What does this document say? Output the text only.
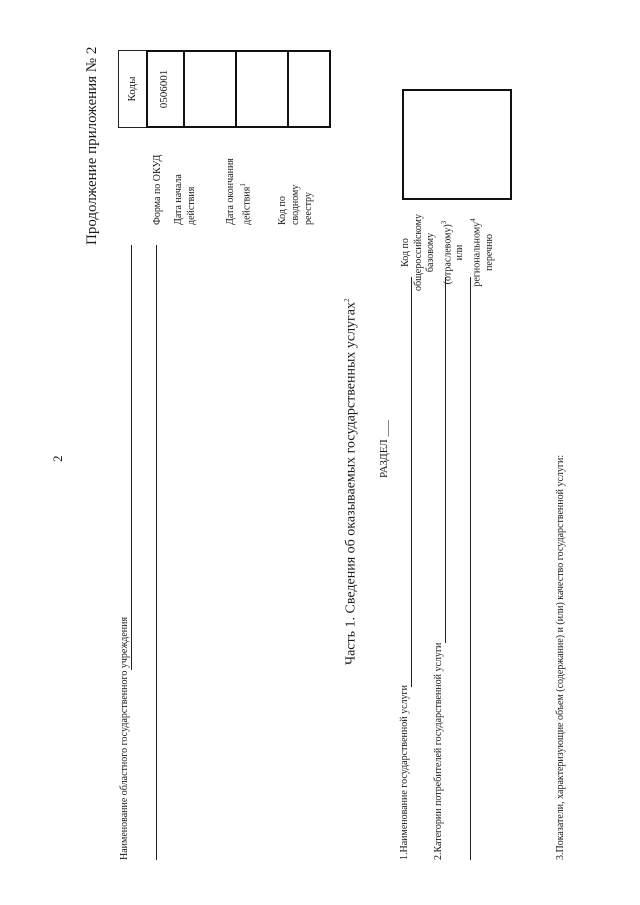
2
Продолжение приложения № 2
Наименование областного государственного учреждения
Форма по ОКУД Дата начала действия	Дата окончания действия$^1$
Код по сводному реестру
Коды	0506001
Часть 1. Сведения об оказываемых государственных услугах$^2$
РАЗДЕЛ ___
1.Наименование государственной услуги 2.Категории потребителей государственной услуги
Код по общероссийскому базовому (отраслевому)$^3$
или региональному$^4$
перечню
3.Показатели, характеризующие объем (содержание) и (или) качество государственной услуги:
